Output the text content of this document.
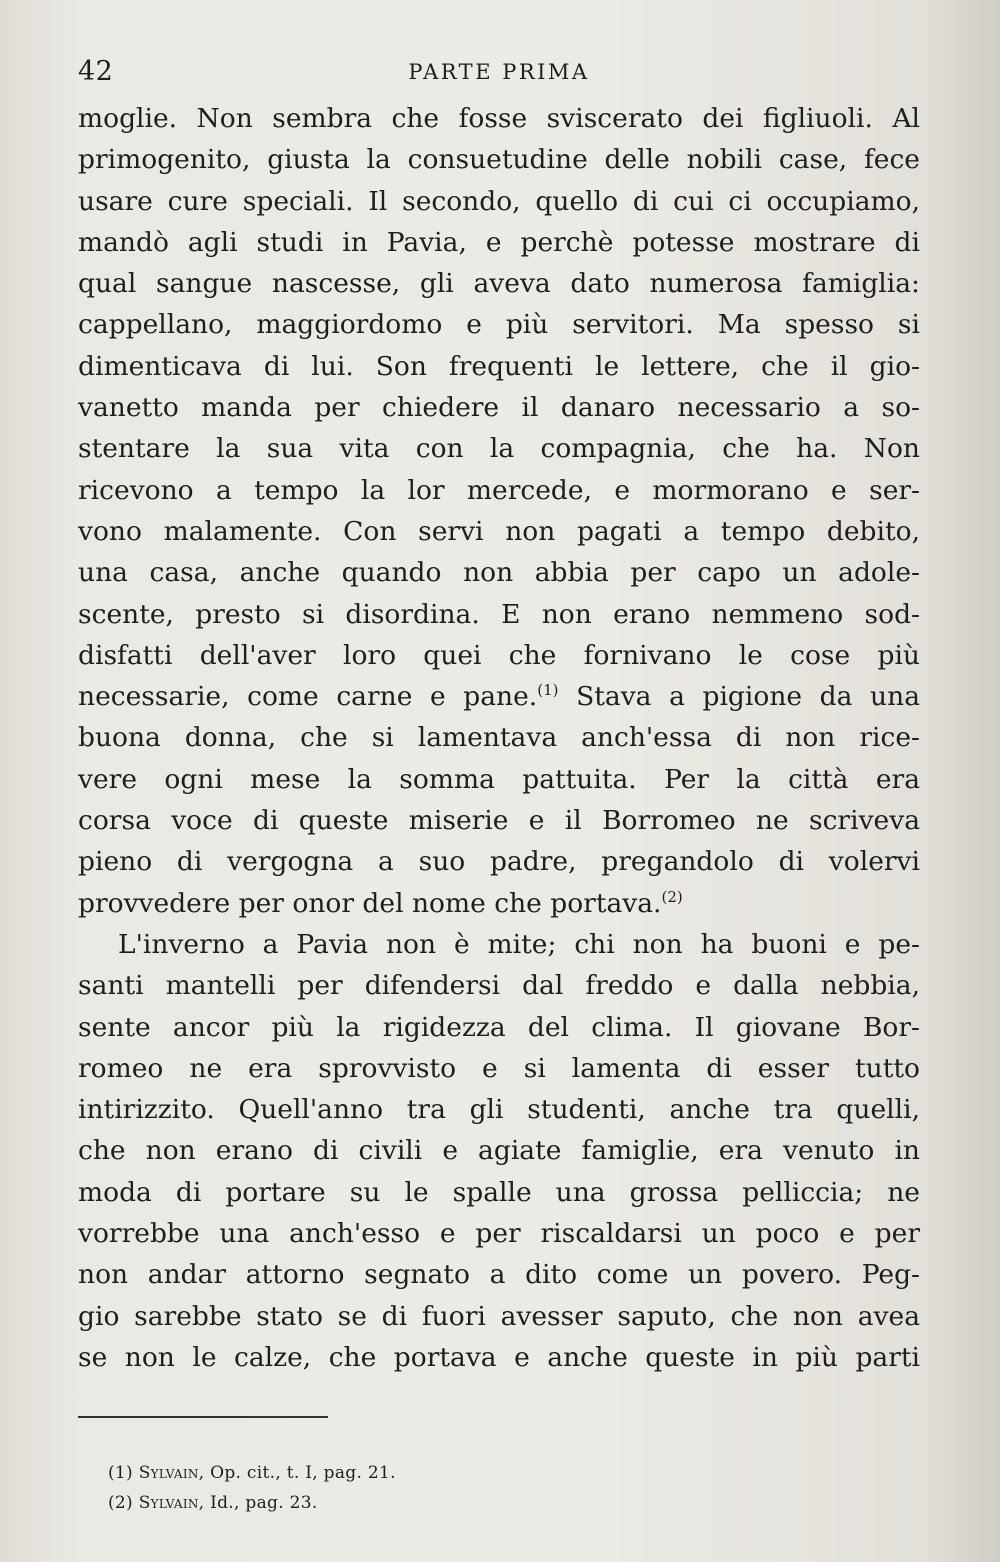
42	PARTE PRIMA
moglie. Non sembra che fosse sviscerato dei figliuoli. Al
primogenito, giusta la consuetudine delle nobili case, fece
usare cure speciali. Il secondo, quello di cui ci occupiamo,
mandò agli studi in Pavia, e perchè potesse mostrare di
qual sangue nascesse, gli aveva dato numerosa famiglia:
cappellano, maggiordomo e più servitori. Ma spesso si
dimenticava di lui. Son frequenti le lettere, che il gio-
vanetto manda per chiedere il danaro necessario a so-
stentare la sua vita con la compagnia, che ha. Non
ricevono a tempo la lor mercede, e mormorano e ser-
vono malamente. Con servi non pagati a tempo debito,
una casa, anche quando non abbia per capo un adole-
scente, presto si disordina. E non erano nemmeno sod-
disfatti dell'aver loro quei che fornivano le cose più
necessarie, come carne e pane.$^{(1)}$ Stava a pigione da una
buona donna, che si lamentava anch'essa di non rice-
vere ogni mese la somma pattuita. Per la città era
corsa voce di queste miserie e il Borromeo ne scriveva
pieno di vergogna a suo padre, pregandolo di volervi
provvedere per onor del nome che portava.$^{(2)}$
L'inverno a Pavia non è mite; chi non ha buoni e pe-
santi mantelli per difendersi dal freddo e dalla nebbia,
sente ancor più la rigidezza del clima. Il giovane Bor-
romeo ne era sprovvisto e si lamenta di esser tutto
intirizzito. Quell'anno tra gli studenti, anche tra quelli,
che non erano di civili e agiate famiglie, era venuto in
moda di portare su le spalle una grossa pelliccia; ne
vorrebbe una anch'esso e per riscaldarsi un poco e per
non andar attorno segnato a dito come un povero. Peg-
gio sarebbe stato se di fuori avesser saputo, che non avea
se non le calze, che portava e anche queste in più parti
(1) Sylvain, Op. cit., t. I, pag. 21.
(2) Sylvain, Id., pag. 23.
